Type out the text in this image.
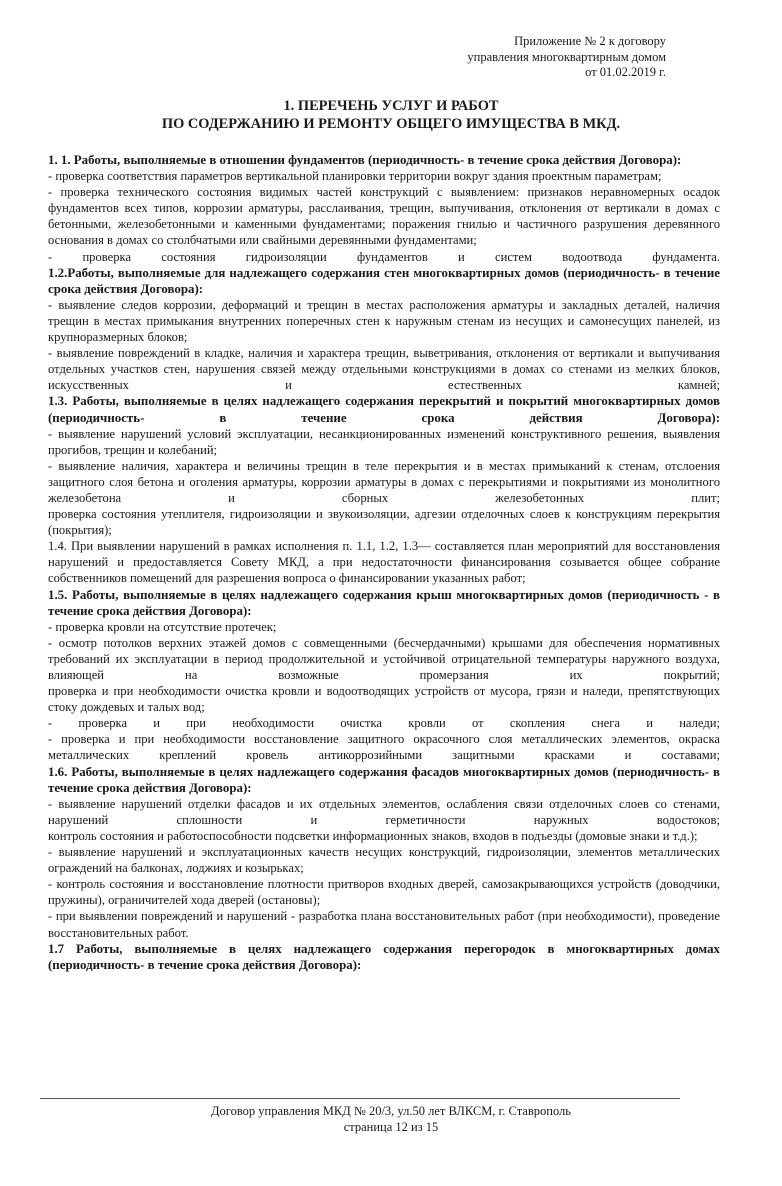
Приложение № 2 к договору
управления многоквартирным домом
от 01.02.2019 г.
1. ПЕРЕЧЕНЬ УСЛУГ И РАБОТ
ПО СОДЕРЖАНИЮ И РЕМОНТУ ОБЩЕГО ИМУЩЕСТВА В МКД.

1. 1. Работы, выполняемые в отношении фундаментов (периодичность- в течение срока действия Договора):

- проверка соответствия параметров вертикальной планировки территории вокруг здания проектным параметрам;

- проверка технического состояния видимых частей конструкций с выявлением: признаков неравномерных осадок фундаментов всех типов, коррозии арматуры, расслаивания, трещин, выпучивания, отклонения от вертикали в домах с бетонными, железобетонными и каменными фундаментами; поражения гнилью и частичного разрушения деревянного основания в домах со столбчатыми или свайными деревянными фундаментами;

- проверка состояния гидроизоляции фундаментов и систем водоотвода фундамента.

1.2.Работы, выполняемые для надлежащего содержания стен многоквартирных домов (периодичность- в течение срока действия Договора):

- выявление следов коррозии, деформаций и трещин в местах расположения арматуры и закладных деталей, наличия трещин в местах примыкания внутренних поперечных стен к наружным стенам из несущих и самонесущих панелей, из крупноразмерных блоков;

- выявление повреждений в кладке, наличия и характера трещин, выветривания, отклонения от вертикали и выпучивания отдельных участков стен, нарушения связей между отдельными конструкциями в домах со стенами из мелких блоков, искусственных и естественных камней;

1.3. Работы, выполняемые в целях надлежащего содержания перекрытий и покрытий многоквартирных домов (периодичность- в течение срока действия Договора):

- выявление нарушений условий эксплуатации, несанкционированных изменений конструктивного решения, выявления прогибов, трещин и колебаний;

- выявление наличия, характера и величины трещин в теле перекрытия и в местах примыканий к стенам, отслоения защитного слоя бетона и оголения арматуры, коррозии арматуры в домах с перекрытиями и покрытиями из монолитного железобетона и сборных железобетонных плит;

проверка состояния утеплителя, гидроизоляции и звукоизоляции, адгезии отделочных слоев к конструкциям перекрытия (покрытия);

1.4. При выявлении нарушений в рамках исполнения п. 1.1, 1.2, 1.3— составляется план мероприятий для восстановления нарушений и предоставляется Совету МКД, а при недостаточности финансирования созывается общее собрание собственников помещений для разрешения вопроса о финансировании указанных работ;

1.5. Работы, выполняемые в целях надлежащего содержания крыш многоквартирных домов (периодичность - в течение срока действия Договора):

- проверка кровли на отсутствие протечек;

- осмотр потолков верхних этажей домов с совмещенными (бесчердачными) крышами для обеспечения нормативных требований их эксплуатации в период продолжительной и устойчивой отрицательной температуры наружного воздуха, влияющей на возможные промерзания их покрытий;

проверка и при необходимости очистка кровли и водоотводящих устройств от мусора, грязи и наледи, препятствующих стоку дождевых и талых вод;

- проверка и при необходимости очистка кровли от скопления снега и наледи;

- проверка и при необходимости восстановление защитного окрасочного слоя металлических элементов, окраска металлических креплений кровель антикоррозийными защитными красками и составами;

1.6. Работы, выполняемые в целях надлежащего содержания фасадов многоквартирных домов (периодичность- в течение срока действия Договора):

- выявление нарушений отделки фасадов и их отдельных элементов, ослабления связи отделочных слоев со стенами, нарушений сплошности и герметичности наружных водостоков;

контроль состояния и работоспособности подсветки информационных знаков, входов в подъезды (домовые знаки и т.д.);

- выявление нарушений и эксплуатационных качеств несущих конструкций, гидроизоляции, элементов металлических ограждений на балконах, лоджиях и козырьках;

- контроль состояния и восстановление плотности притворов входных дверей, самозакрывающихся устройств (доводчики, пружины), ограничителей хода дверей (остановы);

- при выявлении повреждений и нарушений - разработка плана восстановительных работ (при необходимости), проведение восстановительных работ.

1.7 Работы, выполняемые в целях надлежащего содержания перегородок в многоквартирных домах (периодичность- в течение срока действия Договора):

Договор управления МКД № 20/3, ул.50 лет ВЛКСМ, г. Ставрополь
страница 12 из 15
